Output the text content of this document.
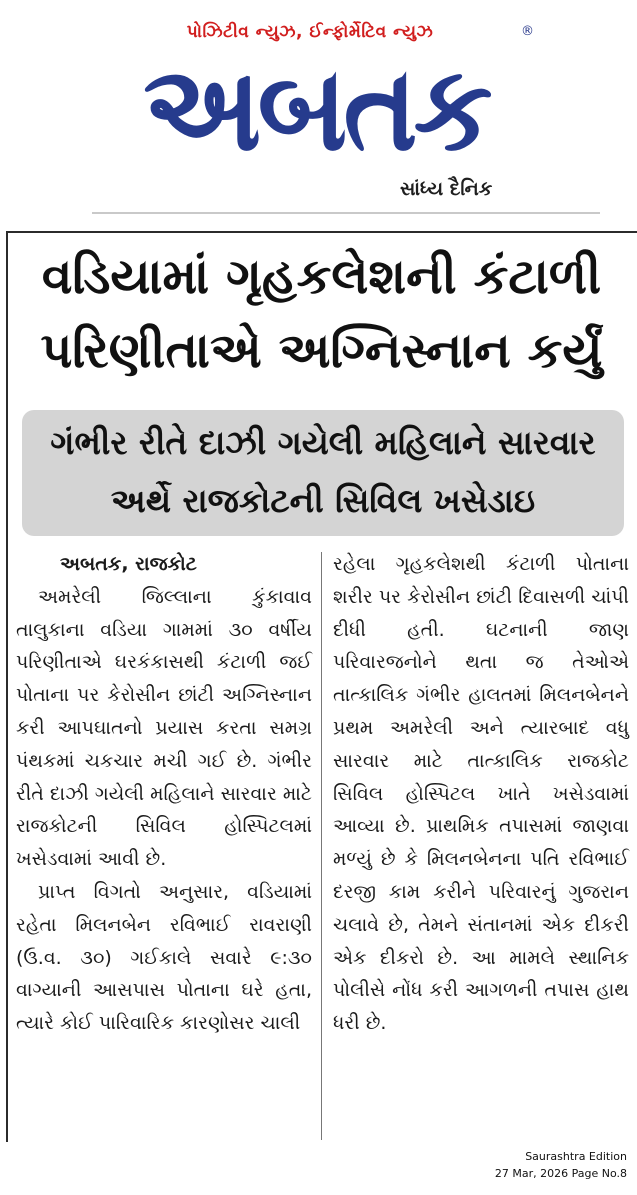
પોઝિટીવ ન્યુઝ, ઈન્ફોર્મેટિવ ન્યુઝ	®
અબતક
સાંધ્ય દૈનિક
વડિયામાં ગૃહકલેશની કંટાળી
પરિણીતાએ અગ્નિસ્નાન કર્યું
ગંભીર રીતે દાઝી ગયેલી મહિલાને સારવાર
અર્થે રાજકોટની સિવિલ ખસેડાઇ
અબતક, રાજકોટ
અમરેલી જિલ્લાના કુંકાવાવ તાલુકાના વડિયા ગામમાં ૩૦ વર્ષીય પરિણીતાએ ઘરકંકાસથી કંટાળી જઈ પોતાના પર કેરોસીન છાંટી અગ્નિસ્નાન કરી આપઘાતનો પ્રયાસ કરતા સમગ્ર પંથકમાં ચકચાર મચી ગઈ છે. ગંભીર રીતે દાઝી ગયેલી મહિલાને સારવાર માટે રાજકોટની સિવિલ હોસ્પિટલમાં ખસેડવામાં આવી છે.
પ્રાપ્ત વિગતો અનુસાર, વડિયામાં રહેતા મિલનબેન રવિભાઈ રાવરાણી (ઉ.વ. ૩૦) ગઈકાલે સવારે ૯:૩૦ વાગ્યાની આસપાસ પોતાના ઘરે હતા, ત્યારે કોઈ પારિવારિક કારણોસર ચાલી
રહેલા ગૃહકલેશથી કંટાળી પોતાના શરીર પર કેરોસીન છાંટી દિવાસળી ચાંપી દીધી હતી. ઘટનાની જાણ પરિવારજનોને થતા જ તેઓએ તાત્કાલિક ગંભીર હાલતમાં મિલનબેનને પ્રથમ અમરેલી અને ત્યારબાદ વધુ સારવાર માટે તાત્કાલિક રાજકોટ સિવિલ હોસ્પિટલ ખાતે ખસેડવામાં આવ્યા છે. પ્રાથમિક તપાસમાં જાણવા મળ્યું છે કે મિલનબેનના પતિ રવિભાઈ દરજી કામ કરીને પરિવારનું ગુજરાન ચલાવે છે, તેમને સંતાનમાં એક દીકરી એક દીકરો છે. આ મામલે સ્થાનિક પોલીસે નોંધ કરી આગળની તપાસ હાથ ધરી છે.
Saurashtra Edition
27 Mar, 2026 Page No.8
